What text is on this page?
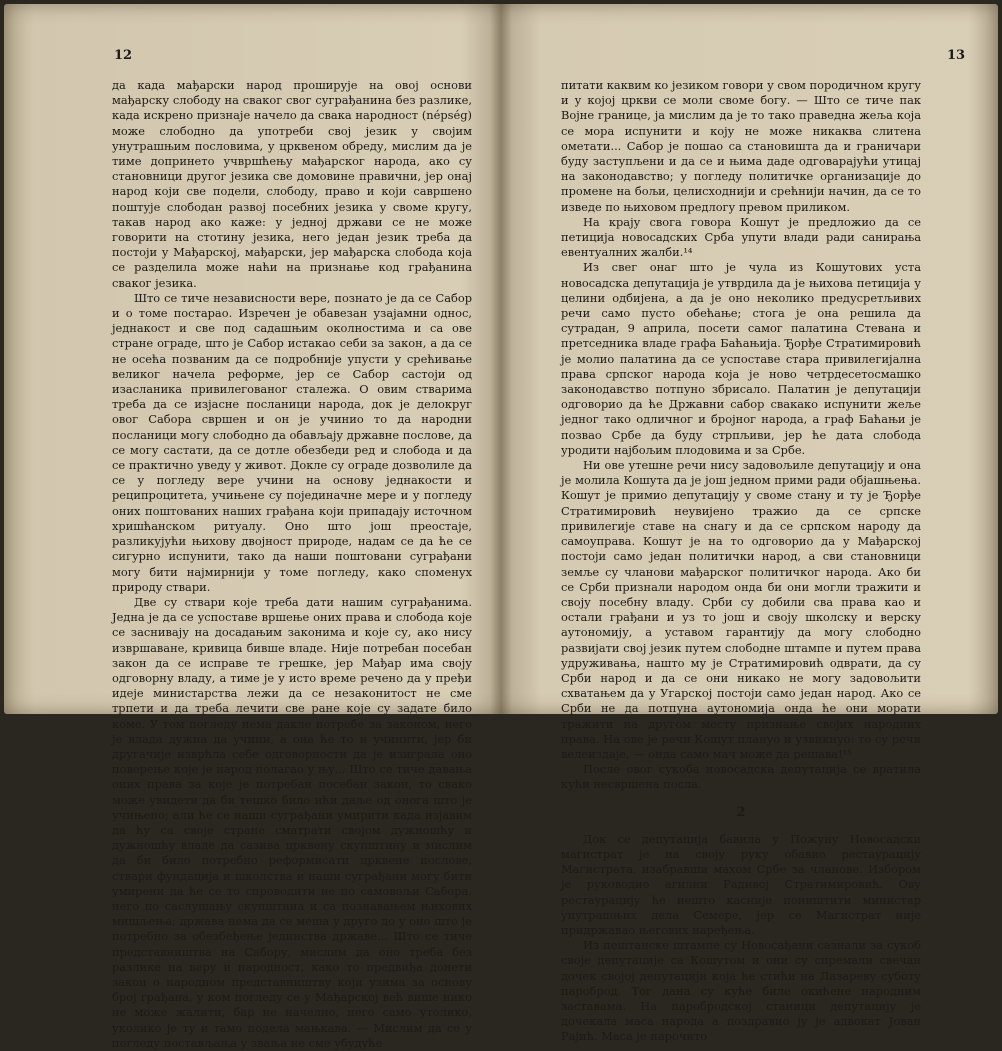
12

да када мађарски народ проширује на овој основи мађарску слободу на сваког свог суграђанина без разлике, када искрено признаје начело да свака народност (népség) може слободно да употреби свој језик у својим унутрашњим пословима, у црквеном обреду, мислим да је тиме допринето учвршћењу мађарског народа, ако су становници другог језика све домовине правични, јер онај народ који све подели, слободу, право и који савршено поштује слободан развој посебних језика у своме кругу, такав народ ако каже: у једној држави се не може говорити на стотину језика, него један језик треба да постоји у Мађарској, мађарски, јер мађарска слобода која се разделила може наћи на признање код грађанина сваког језика.

Што се тиче независности вере, познато је да се Сабор и о томе постарао. Изречен је обавезан узајамни однос, једнакост и све под садашњим околностима и са ове стране ограде, што је Сабор истакао себи за закон, а да се не осећа позваним да се подробније упусти у срећивање великог начела реформе, јер се Сабор састоји од изасланика привилегованог сталежа. О овим стварима треба да се изјасне посланици народа, док је делокруг овог Сабора свршен и он је учинио то да народни посланици могу слободно да обављају државне послове, да се могу састати, да се дотле обезбеди ред и слобода и да се практично уведу у живот. Докле су ограде дозволиле да се у погледу вере учини на основу једнакости и реципроцитета, учињене су појединачне мере и у погледу оних поштованих наших грађана који припадају источном хришћанском ритуалу. Оно што још преостаје, разликујући њихову двојност природе, надам се да ће се сигурно испунити, тако да наши поштовани суграђани могу бити најмирнији у томе погледу, како споменух природу ствари.

Две су ствари које треба дати нашим суграђанима. Једна је да се успоставе вршење оних права и слобода које се заснивају на досадањим законима и које су, ако нису извршаване, кривица бивше владе. Није потребан посебан закон да се исправе те грешке, јер Мађар има своју одговорну владу, а тиме је у исто време речено да у пређи идеје министарства лежи да се незаконитост не сме трпети и да треба лечити све ране које су задате било коме. У том погледу нема дакле потребе за законом, него је влада дужна да учини, а она ће то и учинити, јер би другачије изврћла себе одговорности да је изиграла оно поверење које је народ полагао у њу... Што се тиче давања оних права за које је потребан посебан закон, то свако може увидети да би тешко било ићи даље од онога што је учињено; али ће се наши суграђани умирити када изјавим да ћу са своје стране сматрати својом дужношћу и дужношћу владе да сазива црквену скупштину и мислим да би било потребно реформисати црквене послове, ствари фундација и школства и наши суграђани могу бити умирени да ће се то спроводити не по самовољи Сабора, него по саслушању скупштина и са познавањем њихових мишљења; држава нема да се меша у друго до у оно што је потребно за обезбеђење јединства државе... Што се тиче представништва на Сабору, мислим да оно треба без разлике на веру и народност, како то предвиђа донети закон о народном представништву који узима за основу број грађана, у ком погледу се у Мађарској већ више нико не може жалити, бар не начелно, него само утолико, уколико је ту и тамо подела мањкава. — Мислим да се у погледу постављања у звања не сме убудуће

13

питати каквим ко језиком говори у свом породичном кругу и у којој цркви се моли своме богу. — Што се тиче пак Војне границе, ја мислим да је то тако праведна жеља која се мора испунити и коју не може никаква слитена ометати... Сабор је пошао са становишта да и граничари буду заступљени и да се и њима даде одговарајући утицај на законодавство; у погледу политичке организације до промене на бољи, целисходнији и срећнији начин, да се то изведе по њиховом предлогу превом приликом.

На крају свога говора Кошут је предложио да се петиција новосадских Срба упути влади ради санирања евентуалних жалби.¹⁴

Из свег онаг што је чула из Кошутових уста новосадска депутација је утврдила да је њихова петиција у целини одбијена, а да је оно неколико предусретљивих речи само пусто обећање; стога је она решила да сутрадан, 9 априла, посети самог палатина Стевана и претседника владе графа Баћањија. Ђорђе Стратимировић је молио палатина да се успоставе стара привилегијална права српског народа која је ново четрдесетосмашко законодавство потпуно збрисало. Палатин је депутацији одговорио да ће Државни сабор свакако испунити жеље једног тако одличног и бројног народа, а граф Баћањи је позвао Србе да буду стрпљиви, јер ће дата слобода уродити најбољим плодовима и за Србе.

Ни ове утешне речи нису задовољиле депутацију и она је молила Кошута да је још једном прими ради објашњења. Кошут је примио депутацију у своме стану и ту је Ђорђе Стратимировић неувијено тражио да се српске привилегије ставе на снагу и да се српском народу да самоуправа. Кошут је на то одговорио да у Мађарској постоји само један политички народ, а сви становници земље су чланови мађарског политичког народа. Ако би се Срби признали народом онда би они могли тражити и своју посебну владу. Срби су добили сва права као и остали грађани и уз то још и своју школску и верску аутономију, а уставом гарантију да могу слободно развијати свој језик путем слободне штампе и путем права удруживања, нашто му је Стратимировић одврати, да су Срби народ и да се они никако не могу задовољити схватањем да у Угарској постоји само један народ. Ако се Срби не да потпуна аутономија онда ће они морати тражити на другом месту признање својих народних права. На ове је речи Кошут плануо и узвикнуо: то су речи велеиздаје, — онда само мач може да решава!¹⁵

После овог сукоба новосадска депутација се вратила кући несвршена посла.

2

Док се депутација бавила у Пожуну Новосадски магистрат је на своју руку обавио рестаурацију Магистрата, изабравши махом Србе за чланове. Избором је руководио агилни Радивој Стратимировић. Ову рестаурацију ће нешто касније поништити министар унутрашњих дела Семере, јер се Магистрат није придржавао његових наређења.

Из пештанске штампе су Новосађани сазнали за сукоб своје депутације са Кошутом и они су спремали свечан дочек својој депутацији која ће стићи на Лазареву суботу пароброд. Тог дана су куће биле окићене народним заставама. На паробродској станици депутацију је дочекала маса народа а поздравио ју је адвокат Јован Рајић. Маса је нарочито
